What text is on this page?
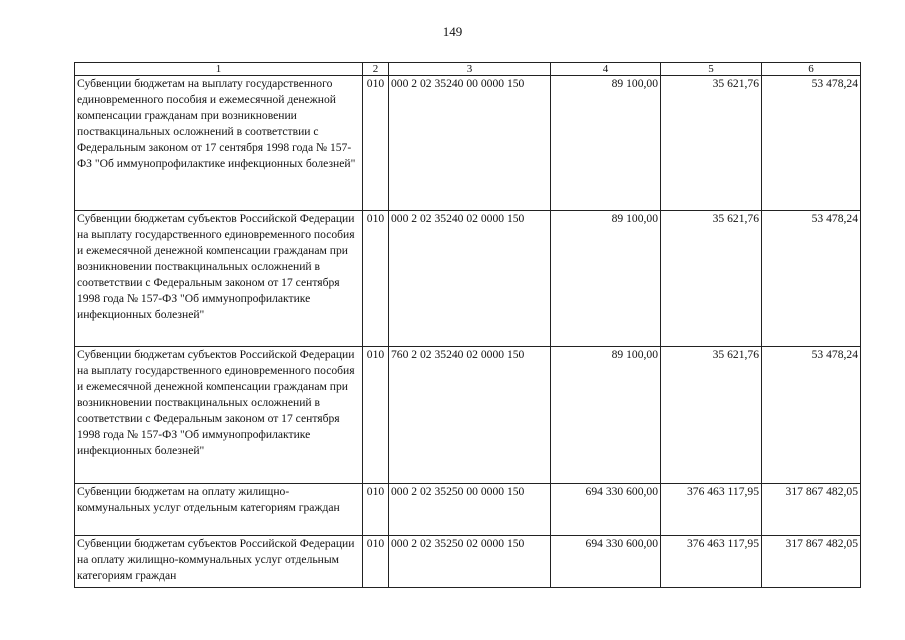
149
1	2	3	4	5	6
Субвенции бюджетам на выплату государственного единовременного пособия и ежемесячной денежной компенсации гражданам при возникновении поствакцинальных осложнений в соответствии с Федеральным законом от 17 сентября 1998 года № 157-ФЗ "Об иммунопрофилактике инфекционных болезней"	010	000 2 02 35240 00 0000 150	89 100,00	35 621,76	53 478,24
Субвенции бюджетам субъектов Российской Федерации на выплату государственного единовременного пособия и ежемесячной денежной компенсации гражданам при возникновении поствакцинальных осложнений в соответствии с Федеральным законом от 17 сентября 1998 года № 157-ФЗ "Об иммунопрофилактике инфекционных болезней"	010	000 2 02 35240 02 0000 150	89 100,00	35 621,76	53 478,24
Субвенции бюджетам субъектов Российской Федерации на выплату государственного единовременного пособия и ежемесячной денежной компенсации гражданам при возникновении поствакцинальных осложнений в соответствии с Федеральным законом от 17 сентября 1998 года № 157-ФЗ "Об иммунопрофилактике инфекционных болезней"	010	760 2 02 35240 02 0000 150	89 100,00	35 621,76	53 478,24
Субвенции бюджетам на оплату жилищно-коммунальных услуг отдельным категориям граждан	010	000 2 02 35250 00 0000 150	694 330 600,00	376 463 117,95	317 867 482,05
Субвенции бюджетам субъектов Российской Федерации на оплату жилищно-коммунальных услуг отдельным категориям граждан	010	000 2 02 35250 02 0000 150	694 330 600,00	376 463 117,95	317 867 482,05
